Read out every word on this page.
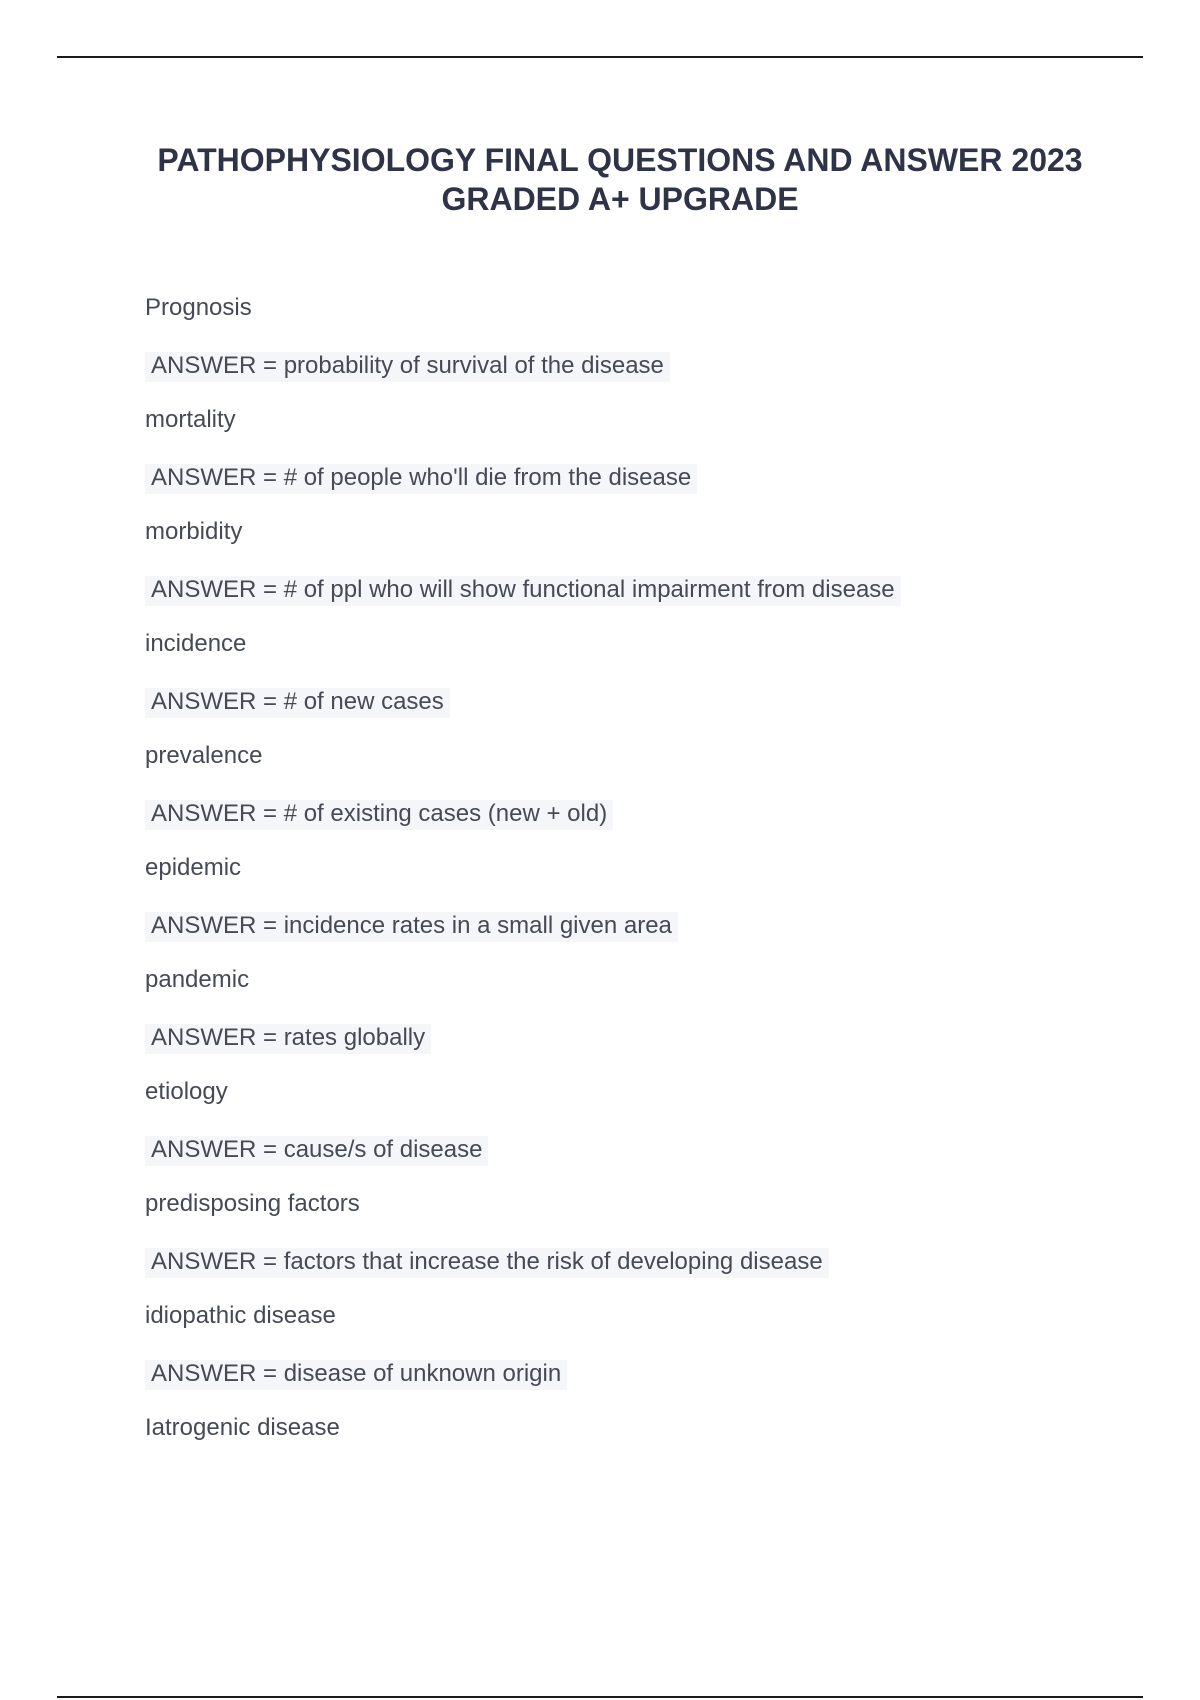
PATHOPHYSIOLOGY FINAL QUESTIONS AND ANSWER 2023
GRADED A+ UPGRADE
Prognosis
ANSWER = probability of survival of the disease
mortality
ANSWER = # of people who'll die from the disease
morbidity
ANSWER = # of ppl who will show functional impairment from disease
incidence
ANSWER = # of new cases
prevalence
ANSWER = # of existing cases (new + old)
epidemic
ANSWER = incidence rates in a small given area
pandemic
ANSWER = rates globally
etiology
ANSWER = cause/s of disease
predisposing factors
ANSWER = factors that increase the risk of developing disease
idiopathic disease
ANSWER = disease of unknown origin
Iatrogenic disease
